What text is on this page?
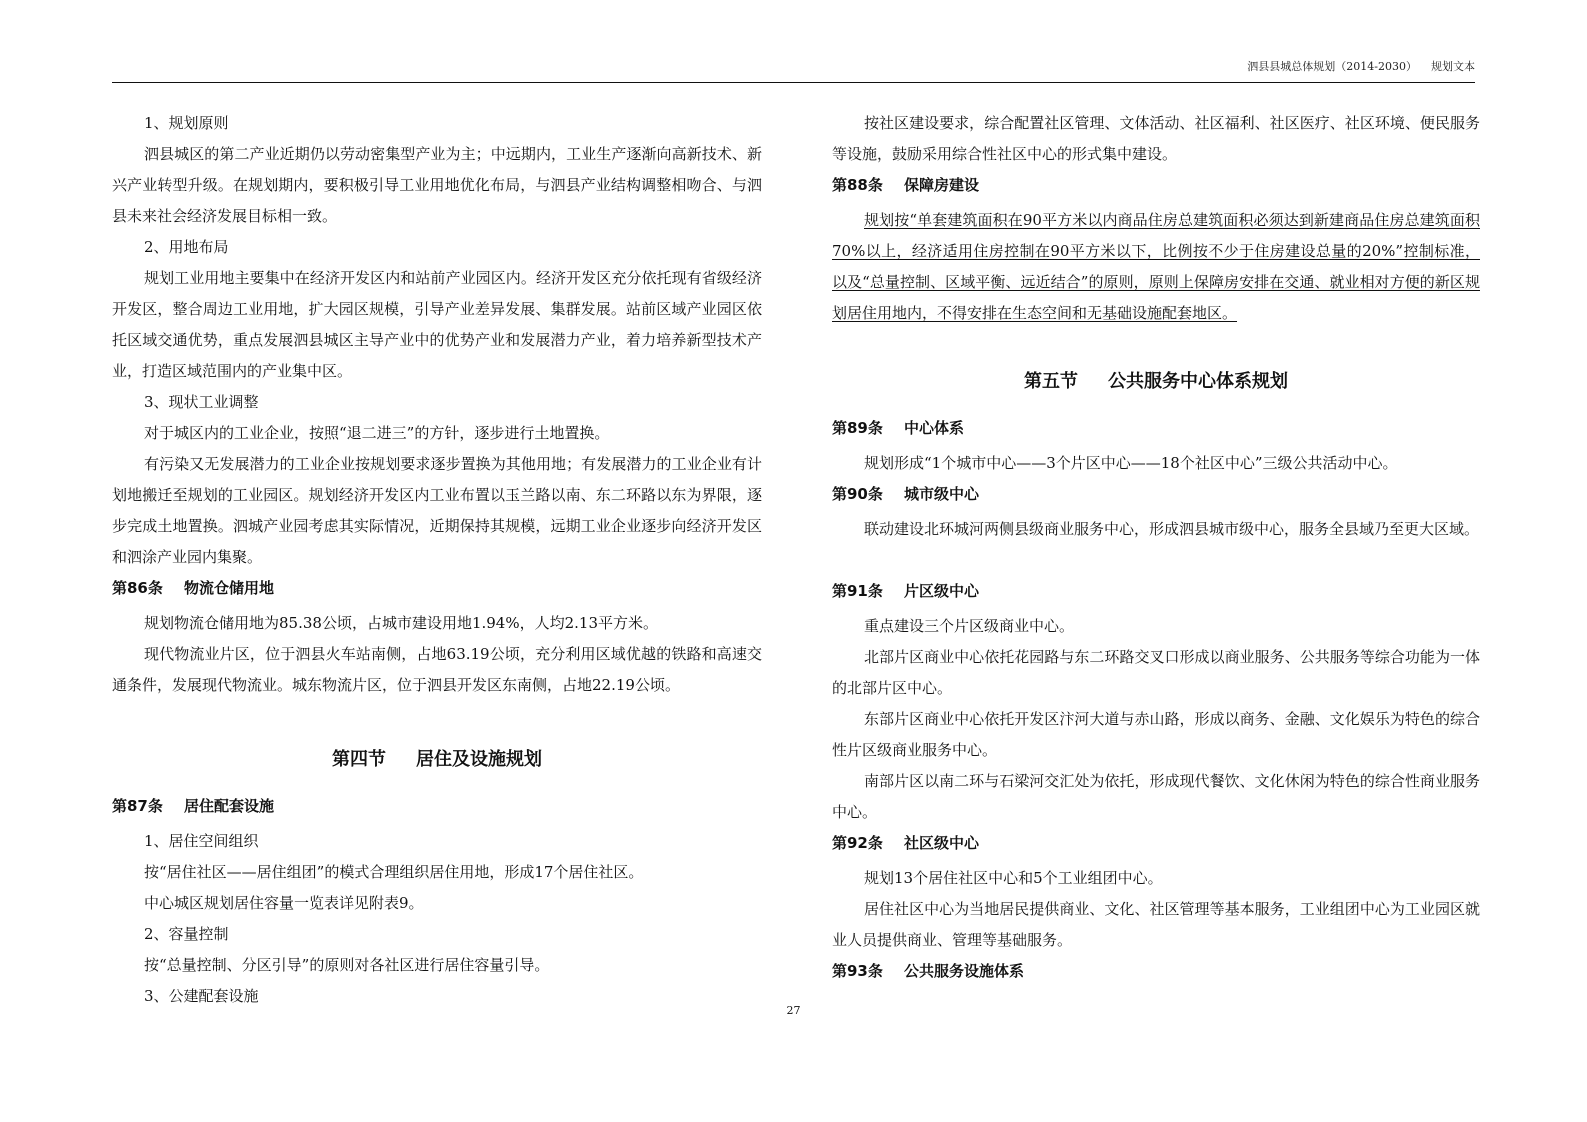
泗县县城总体规划（2014-2030） 规划文本

1、规划原则

泗县城区的第二产业近期仍以劳动密集型产业为主；中远期内，工业生产逐渐向高新技术、新兴产业转型升级。在规划期内，要积极引导工业用地优化布局，与泗县产业结构调整相吻合、与泗县未来社会经济发展目标相一致。

2、用地布局

规划工业用地主要集中在经济开发区内和站前产业园区内。经济开发区充分依托现有省级经济开发区，整合周边工业用地，扩大园区规模，引导产业差异发展、集群发展。站前区域产业园区依托区域交通优势，重点发展泗县城区主导产业中的优势产业和发展潜力产业，着力培养新型技术产业，打造区域范围内的产业集中区。

3、现状工业调整

对于城区内的工业企业，按照“退二进三”的方针，逐步进行土地置换。

有污染又无发展潜力的工业企业按规划要求逐步置换为其他用地；有发展潜力的工业企业有计划地搬迁至规划的工业园区。规划经济开发区内工业布置以玉兰路以南、东二环路以东为界限，逐步完成土地置换。泗城产业园考虑其实际情况，近期保持其规模，远期工业企业逐步向经济开发区和泗涂产业园内集聚。

第86条 物流仓储用地

规划物流仓储用地为85.38公顷，占城市建设用地1.94%，人均2.13平方米。

现代物流业片区，位于泗县火车站南侧，占地63.19公顷，充分利用区域优越的铁路和高速交通条件，发展现代物流业。城东物流片区，位于泗县开发区东南侧，占地22.19公顷。

第四节 居住及设施规划

第87条 居住配套设施

1、居住空间组织

按“居住社区——居住组团”的模式合理组织居住用地，形成17个居住社区。

中心城区规划居住容量一览表详见附表9。

2、容量控制

按“总量控制、分区引导”的原则对各社区进行居住容量引导。

3、公建配套设施

按社区建设要求，综合配置社区管理、文体活动、社区福利、社区医疗、社区环境、便民服务等设施，鼓励采用综合性社区中心的形式集中建设。

第88条 保障房建设

规划按“单套建筑面积在90平方米以内商品住房总建筑面积必须达到新建商品住房总建筑面积70%以上，经济适用住房控制在90平方米以下，比例按不少于住房建设总量的20%”控制标准，以及“总量控制、区域平衡、远近结合”的原则，原则上保障房安排在交通、就业相对方便的新区规划居住用地内，不得安排在生态空间和无基础设施配套地区。

第五节 公共服务中心体系规划

第89条 中心体系

规划形成“1个城市中心——3个片区中心——18个社区中心”三级公共活动中心。

第90条 城市级中心

联动建设北环城河两侧县级商业服务中心，形成泗县城市级中心，服务全县域乃至更大区域。

第91条 片区级中心

重点建设三个片区级商业中心。

北部片区商业中心依托花园路与东二环路交叉口形成以商业服务、公共服务等综合功能为一体的北部片区中心。

东部片区商业中心依托开发区汴河大道与赤山路，形成以商务、金融、文化娱乐为特色的综合性片区级商业服务中心。

南部片区以南二环与石梁河交汇处为依托，形成现代餐饮、文化休闲为特色的综合性商业服务中心。

第92条 社区级中心

规划13个居住社区中心和5个工业组团中心。

居住社区中心为当地居民提供商业、文化、社区管理等基本服务，工业组团中心为工业园区就业人员提供商业、管理等基础服务。

第93条 公共服务设施体系

27
